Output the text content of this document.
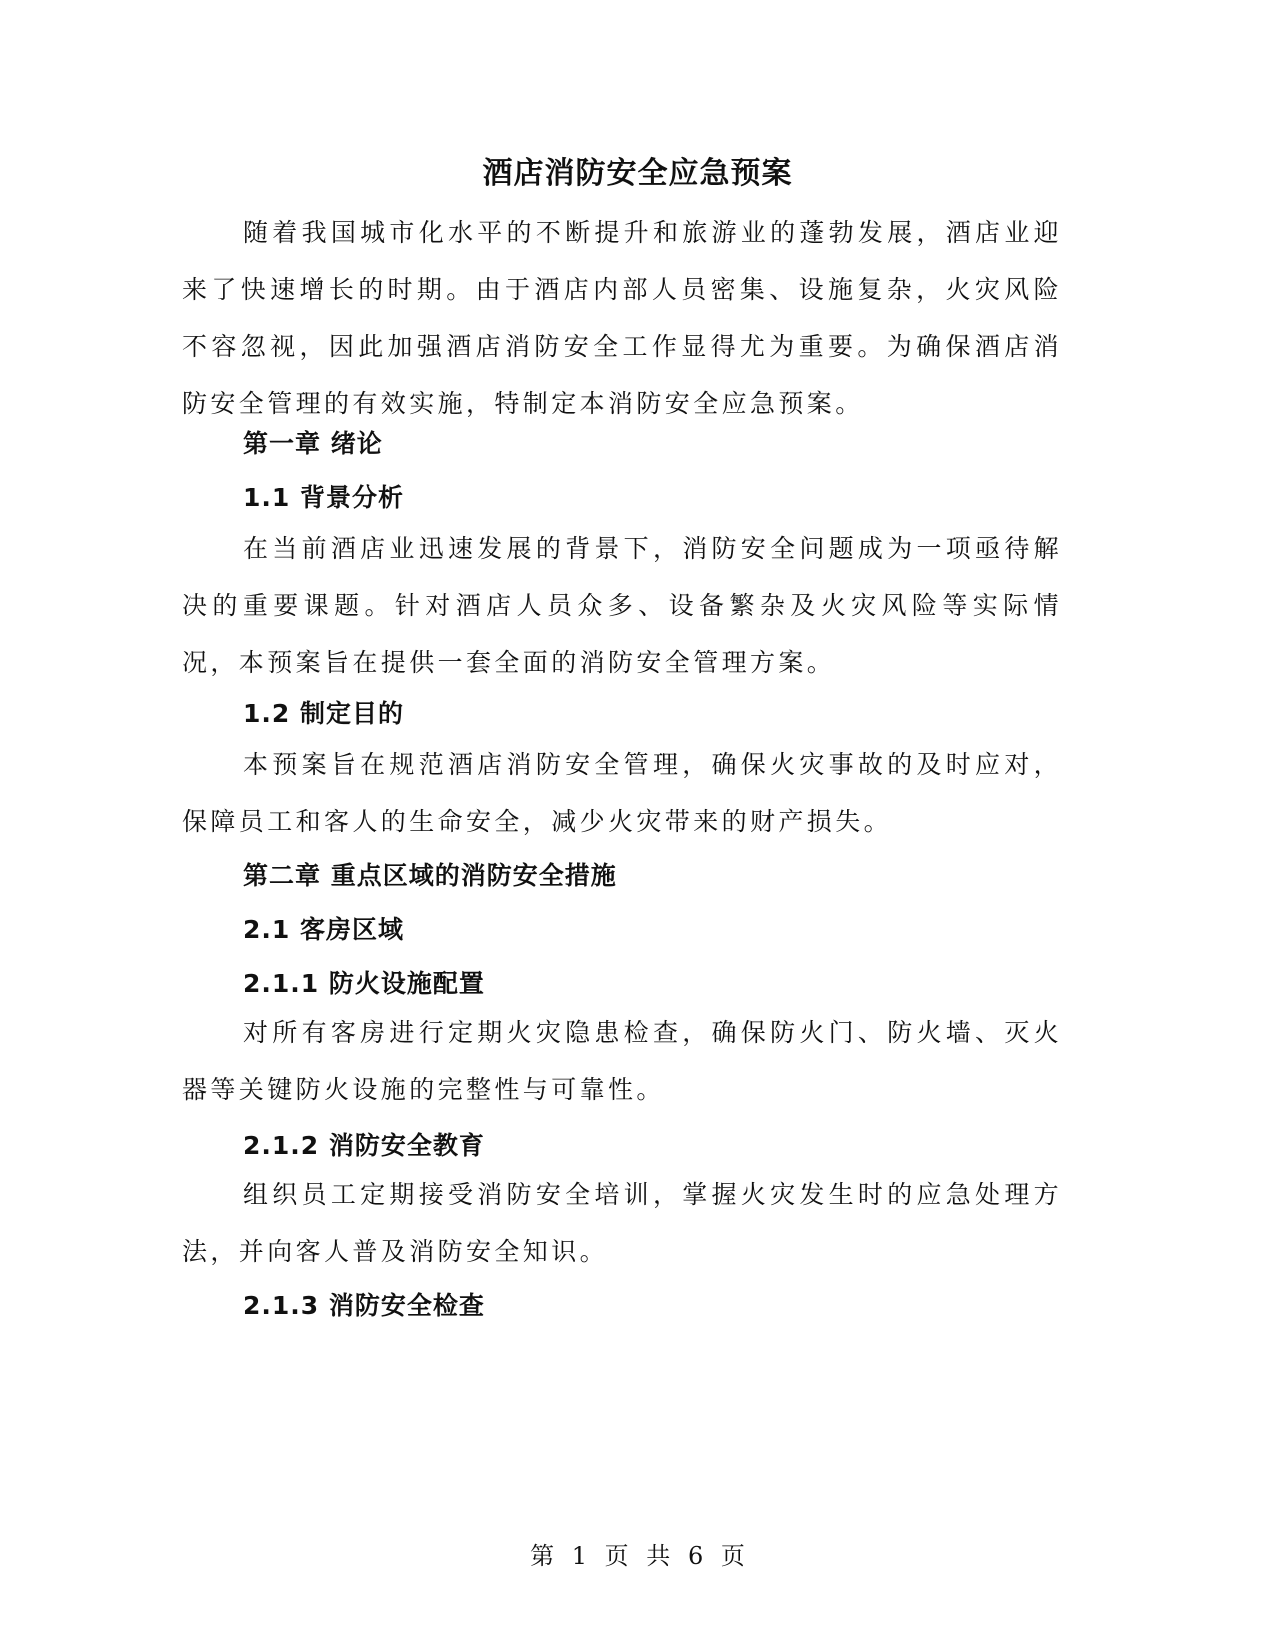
酒店消防安全应急预案
随着我国城市化水平的不断提升和旅游业的蓬勃发展，酒店业迎来了快速增长的时期。由于酒店内部人员密集、设施复杂，火灾风险不容忽视，因此加强酒店消防安全工作显得尤为重要。为确保酒店消防安全管理的有效实施，特制定本消防安全应急预案。
第一章 绪论
1.1 背景分析
在当前酒店业迅速发展的背景下，消防安全问题成为一项亟待解决的重要课题。针对酒店人员众多、设备繁杂及火灾风险等实际情况，本预案旨在提供一套全面的消防安全管理方案。
1.2 制定目的
本预案旨在规范酒店消防安全管理，确保火灾事故的及时应对，保障员工和客人的生命安全，减少火灾带来的财产损失。
第二章 重点区域的消防安全措施
2.1 客房区域
2.1.1 防火设施配置
对所有客房进行定期火灾隐患检查，确保防火门、防火墙、灭火器等关键防火设施的完整性与可靠性。
2.1.2 消防安全教育
组织员工定期接受消防安全培训，掌握火灾发生时的应急处理方法，并向客人普及消防安全知识。
2.1.3 消防安全检查
第 1 页 共 6 页
